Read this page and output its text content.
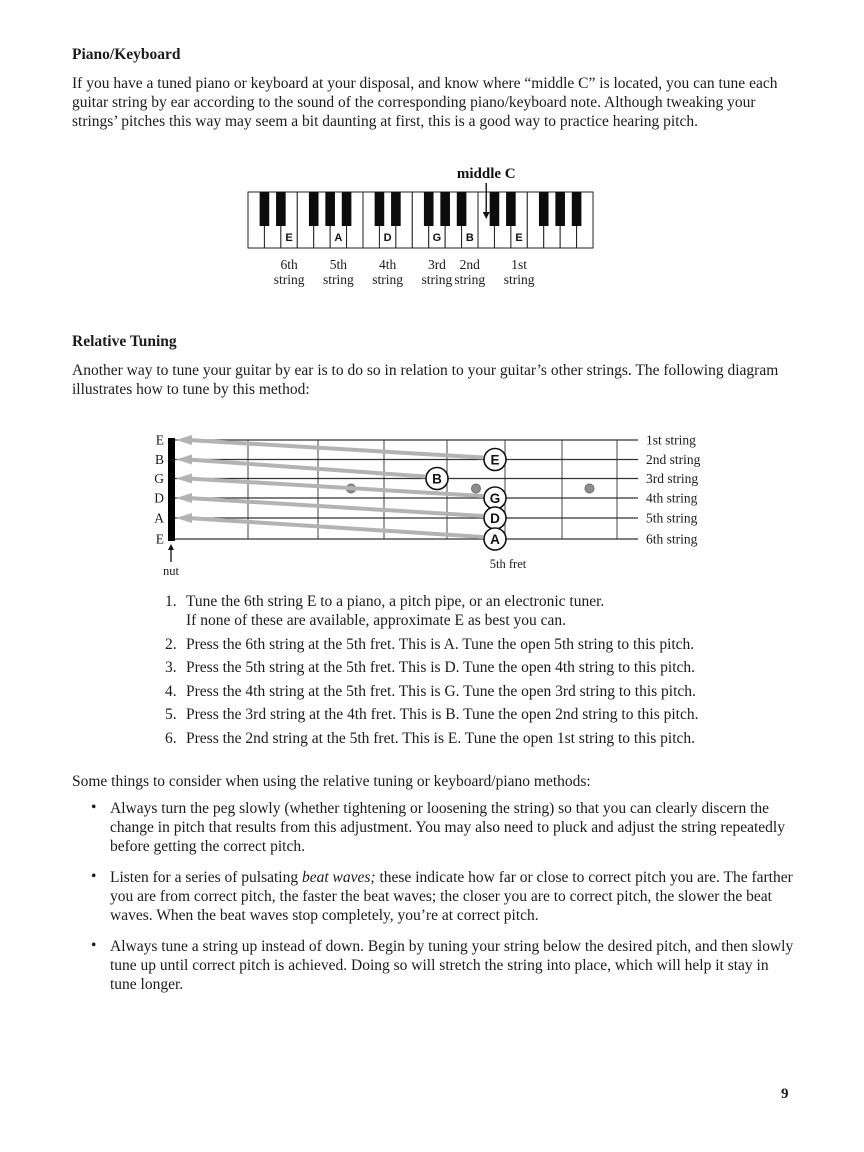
Piano/Keyboard

If you have a tuned piano or keyboard at your disposal, and know where “middle C” is located, you can tune each guitar string by ear according to the sound of the corresponding piano/keyboard note. Although tweaking your strings’ pitches this way may seem a bit daunting at first, this is a good way to practice hearing pitch.

E
6th
string
A
5th
string
D
4th
string
G
3rd
string
B
2nd
string
E
1st
string
middle C
Relative Tuning

Another way to tune your guitar by ear is to do so in relation to your guitar’s other strings. The following diagram illustrates how to tune by this method:

E	1st string
B	2nd string
G	3rd string
D	4th string
A	5th string
E	6th string
E
B
G
D
A
nut	5th fret
1. Tune the 6th string E to a piano, a pitch pipe, or an electronic tuner.
If none of these are available, approximate E as best you can.
2. Press the 6th string at the 5th fret. This is A. Tune the open 5th string to this pitch.
3. Press the 5th string at the 5th fret. This is D. Tune the open 4th string to this pitch.
4. Press the 4th string at the 5th fret. This is G. Tune the open 3rd string to this pitch.
5. Press the 3rd string at the 4th fret. This is B. Tune the open 2nd string to this pitch.
6. Press the 2nd string at the 5th fret. This is E. Tune the open 1st string to this pitch.

Some things to consider when using the relative tuning or keyboard/piano methods:

• Always turn the peg slowly (whether tightening or loosening the string) so that you can clearly discern the change in pitch that results from this adjustment. You may also need to pluck and adjust the string repeatedly before getting the correct pitch.
• Listen for a series of pulsating beat waves; these indicate how far or close to correct pitch you are. The farther you are from correct pitch, the faster the beat waves; the closer you are to correct pitch, the slower the beat waves. When the beat waves stop completely, you’re at correct pitch.
• Always tune a string up instead of down. Begin by tuning your string below the desired pitch, and then slowly tune up until correct pitch is achieved. Doing so will stretch the string into place, which will help it stay in tune longer.
9
